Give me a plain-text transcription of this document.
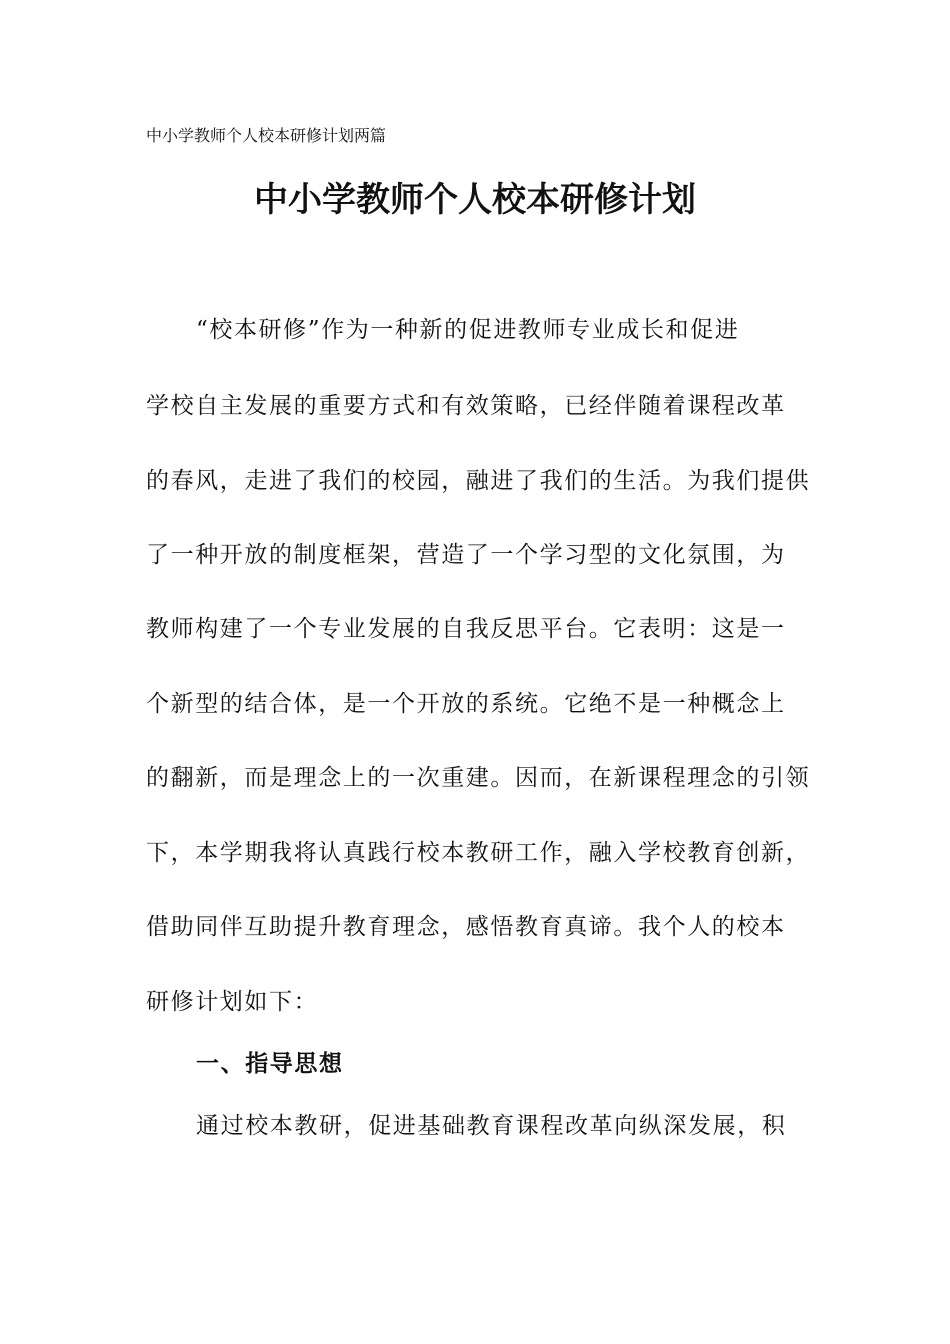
中小学教师个人校本研修计划两篇
中小学教师个人校本研修计划
“校本研修”作为一种新的促进教师专业成长和促进
学校自主发展的重要方式和有效策略，已经伴随着课程改革
的春风，走进了我们的校园，融进了我们的生活。为我们提供
了一种开放的制度框架，营造了一个学习型的文化氛围，为
教师构建了一个专业发展的自我反思平台。它表明：这是一
个新型的结合体，是一个开放的系统。它绝不是一种概念上
的翻新，而是理念上的一次重建。因而，在新课程理念的引领
下，本学期我将认真践行校本教研工作，融入学校教育创新，
借助同伴互助提升教育理念，感悟教育真谛。我个人的校本
研修计划如下：
一、指导思想
通过校本教研，促进基础教育课程改革向纵深发展，积
